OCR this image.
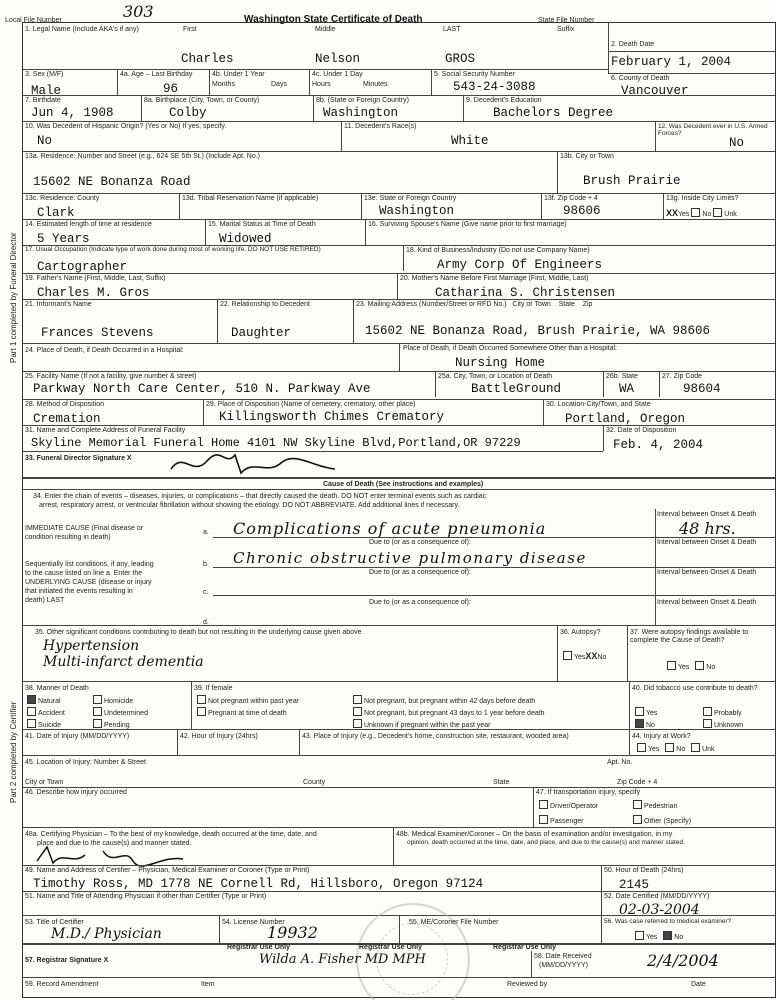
Part 1 completed by Funeral Director
Part 2 completed by Certifier
Local File Number	303	Washington State Certificate of Death	State File Number
1. Legal Name (Include AKA's if any)	First	Middle	LAST	Suffix
Charles	Nelson	GROS
2. Death Date
February 1, 2004
3. Sex (M/F)
Male
4a. Age – Last Birthday
96
4b. Under 1 Year
Months	Days
4c. Under 1 Day
Hours	Minutes
5. Social Security Number
543-24-3088
6. County of Death
Vancouver
7. Birthdate
Jun 4, 1908
8a. Birthplace (City, Town, or County)
Colby
8b. (State or Foreign Country)
Washington
9. Decedent's Education
Bachelors Degree
10. Was Decedent of Hispanic Origin? (Yes or No) If yes, specify.
No
11. Decedent's Race(s)
White
12. Was Decedent ever in U.S. Armed Forces?
No
13a. Residence: Number and Street (e.g., 624 SE 5th St.) (Include Apt. No.)
15602 NE Bonanza Road
13b. City or Town
Brush Prairie
13c. Residence: County
Clark
13d. Tribal Reservation Name (if applicable)	13e. State or Foreign Country
Washington
13f. Zip Code + 4
98606
13g. Inside City Limits?
XXYes No Unk
14. Estimated length of time at residence
5 Years
15. Marital Status at Time of Death
Widowed
16. Surviving Spouse's Name (Give name prior to first marriage)
17. Usual Occupation (Indicate type of work done during most of working life. DO NOT USE RETIRED)
Cartographer
18. Kind of Business/Industry (Do not use Company Name)
Army Corp Of Engineers
19. Father's Name (First, Middle, Last, Suffix)
Charles M. Gros
20. Mother's Name Before First Marriage (First, Middle, Last)
Catharina S. Christensen
21. Informant's Name
Frances Stevens
22. Relationship to Decedent
Daughter
23. Mailing Address (Number/Street or RFD No.) City or Town State Zip
15602 NE Bonanza Road, Brush Prairie, WA 98606
24. Place of Death, if Death Occurred in a Hospital:	Place of Death, if Death Occurred Somewhere Other than a Hospital:
Nursing Home
25. Facility Name (If not a facility, give number & street)
Parkway North Care Center, 510 N. Parkway Ave
25a. City, Town, or Location of Death
BattleGround
26b. State
WA
27. Zip Code
98604
28. Method of Disposition
Cremation
29. Place of Disposition (Name of cemetery, crematory, other place)
Killingsworth Chimes Crematory
30. Location-City/Town, and State
Portland, Oregon
31. Name and Complete Address of Funeral Facility
Skyline Memorial Funeral Home 4101 NW Skyline Blvd,Portland,OR 97229
32. Date of Disposition
Feb. 4, 2004
33. Funeral Director Signature X
Cause of Death (See instructions and examples)
34. Enter the chain of events – diseases, injuries, or complications – that directly caused the death. DO NOT enter terminal events such as cardiac
arrest, respiratory arrest, or ventricular fibrillation without showing the etiology. DO NOT ABBREVIATE. Add additional lines if necessary.
Interval between Onset & Death
IMMEDIATE CAUSE (Final disease or
condition resulting in death)
a. Complications of acute pneumonia	48 hrs.
Due to (or as a consequence of):	Interval between Onset & Death
Sequentially list conditions, if any, leading
to the cause listed on line a. Enter the
UNDERLYING CAUSE (disease or injury
that initiated the events resulting in
death) LAST
b. Chronic obstructive pulmonary disease
Due to (or as a consequence of):	Interval between Onset & Death
c.
Due to (or as a consequence of):	Interval between Onset & Death
d.
35. Other significant conditions contributing to death but not resulting in the underlying cause given above
Hypertension
Multi-infarct dementia
36. Autopsy?
YesXXNo
37. Were autopsy findings available to complete the Cause of Death?
Yes No
38. Manner of Death
Natural	Homicide
Accident	Undetermined
Suicide	Pending
39. If female
Not pregnant within past year
Pregnant at time of death
Not pregnant, but pregnant within 42 days before death
Not pregnant, but pregnant 43 days to 1 year before death
Unknown if pregnant within the past year
40. Did tobacco use contribute to death?
Yes	Probably
No	Unknown
41. Date of Injury (MM/DD/YYYY)	42. Hour of Injury (24hrs)	43. Place of Injury (e.g., Decedent's home, construction site, restaurant, wooded area)	44. Injury at Work?
Yes No Unk
45. Location of Injury: Number & Street	Apt. No.
City or Town	County	State	Zip Code + 4
46. Describe how injury occurred	47. If transportation injury, specify
Driver/Operator	Pedestrian
Passenger	Other (Specify)
48a. Certifying Physician – To the best of my knowledge, death occurred at the time, date, and
place and due to the cause(s) and manner stated.
48b. Medical Examiner/Coroner – On the basis of examination and/or investigation, in my
opinion, death occurred at the time, date, and place, and due to the cause(s) and manner stated.
49. Name and Address of Certifier – Physician, Medical Examiner or Coroner (Type or Print)
Timothy Ross, MD 1778 NE Cornell Rd, Hillsboro, Oregon 97124
50. Hour of Death (24hrs)
2145
51. Name and Title of Attending Physician if other than Certifier (Type or Print)	52. Date Certified (MM/DD/YYYY)
02-03-2004
53. Title of Certifier
M.D./ Physician
54. License Number
19932
55. ME/Coroner File Number	56. Was case referred to medical examiner?
Yes No
Registrar Use Only	Registrar Use Only	Registrar Use Only
57. Registrar Signature X	Wilda A. Fisher MD MPH	58. Date Received
(MM/DD/YYYY)	2/4/2004
59. Record Amendment	Item	Reviewed by	Date
